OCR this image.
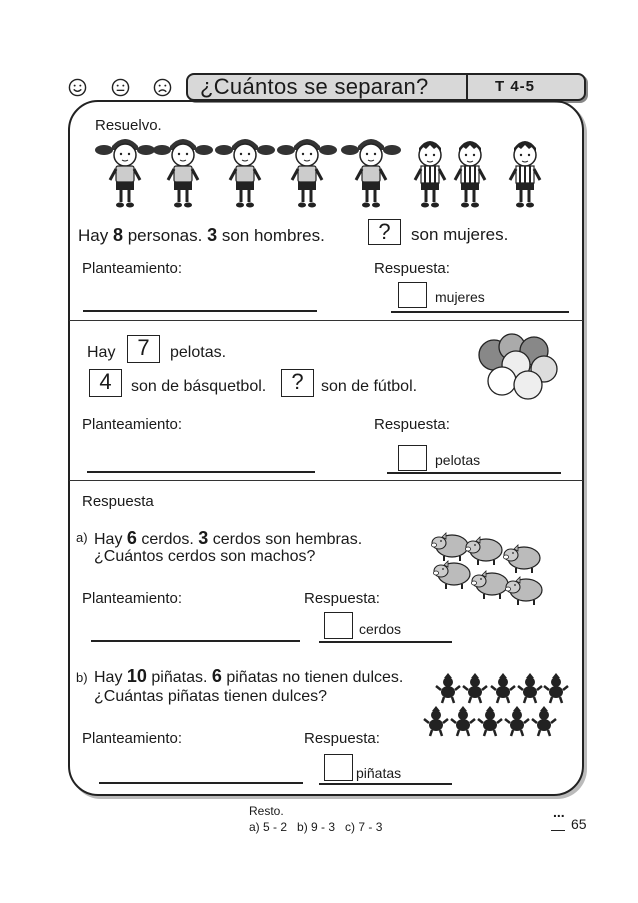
¿Cuántos se separan?	T 4-5
Resuelvo.
Hay 8 personas. 3 son hombres.	?	son mujeres.
Planteamiento:	Respuesta:
mujeres
Hay 7	pelotas.
4	son de básquetbol.	?	son de fútbol.
Planteamiento:	Respuesta:
pelotas
Respuesta
a) Hay 6 cerdos. 3 cerdos son hembras.
¿Cuántos cerdos son machos?
Planteamiento:	Respuesta:
cerdos
b) Hay 10 piñatas. 6 piñatas no tienen dulces.
¿Cuántas piñatas tienen dulces?
Planteamiento:	Respuesta:
piñatas
Resto.
a) 5 - 2   b) 9 - 3   c) 7 - 3
...
65
